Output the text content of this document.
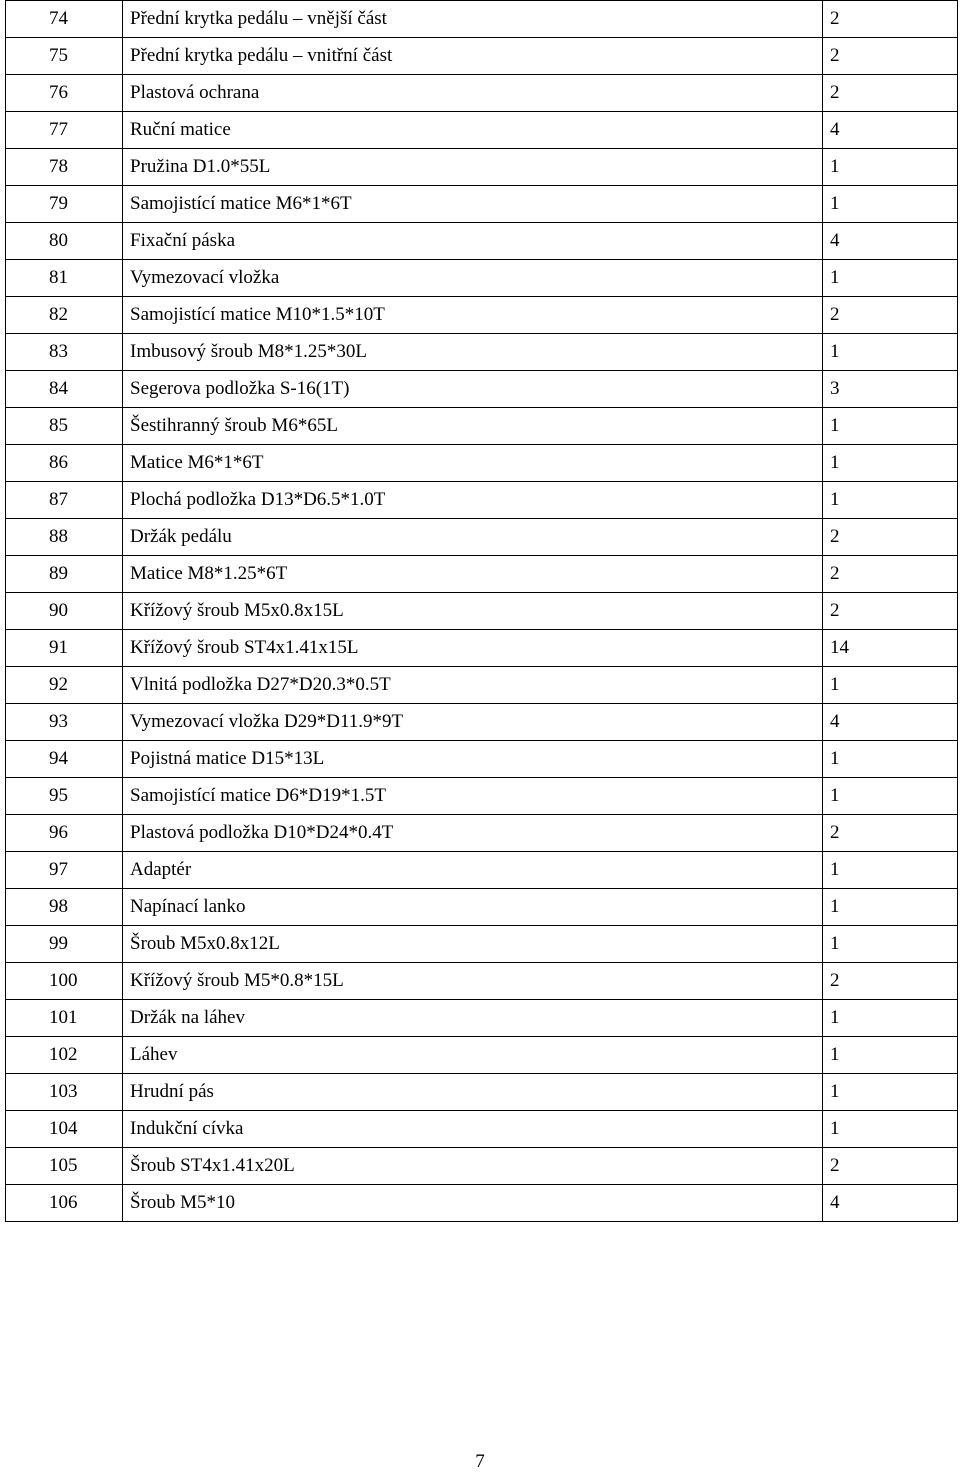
74	Přední krytka pedálu – vnější část	2
75	Přední krytka pedálu – vnitřní část	2
76	Plastová ochrana	2
77	Ruční matice	4
78	Pružina D1.0*55L	1
79	Samojistící matice M6*1*6T	1
80	Fixační páska	4
81	Vymezovací vložka	1
82	Samojistící matice M10*1.5*10T	2
83	Imbusový šroub M8*1.25*30L	1
84	Segerova podložka S-16(1T)	3
85	Šestihranný šroub M6*65L	1
86	Matice M6*1*6T	1
87	Plochá podložka D13*D6.5*1.0T	1
88	Držák pedálu	2
89	Matice M8*1.25*6T	2
90	Křížový šroub M5x0.8x15L	2
91	Křížový šroub ST4x1.41x15L	14
92	Vlnitá podložka D27*D20.3*0.5T	1
93	Vymezovací vložka D29*D11.9*9T	4
94	Pojistná matice D15*13L	1
95	Samojistící matice D6*D19*1.5T	1
96	Plastová podložka D10*D24*0.4T	2
97	Adaptér	1
98	Napínací lanko	1
99	Šroub M5x0.8x12L	1
100	Křížový šroub M5*0.8*15L	2
101	Držák na láhev	1
102	Láhev	1
103	Hrudní pás	1
104	Indukční cívka	1
105	Šroub ST4x1.41x20L	2
106	Šroub M5*10	4
7
